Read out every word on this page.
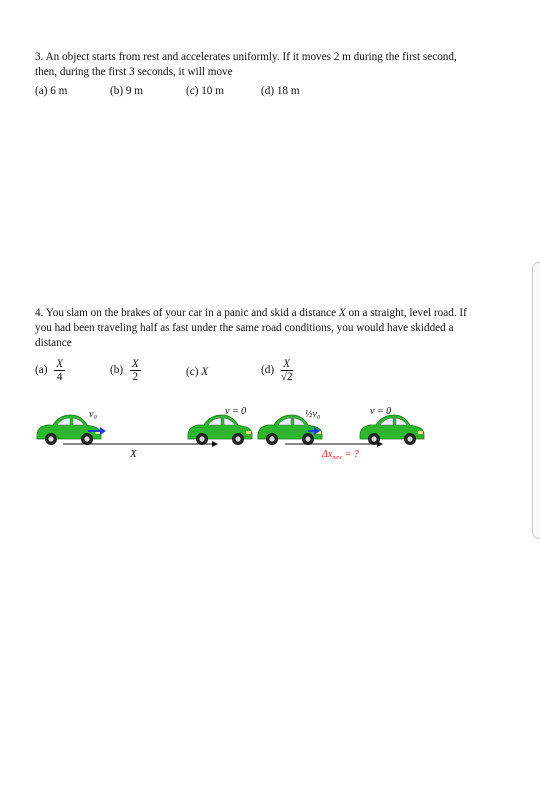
3. An object starts from rest and accelerates uniformly. If it moves 2 m during the first second,

then, during the first 3 seconds, it will move

(a) 6 m	(b) 9 m	(c) 10 m	(d) 18 m

4. You slam on the brakes of your car in a panic and skid a distance X on a straight, level road. If

you had been traveling half as fast under the same road conditions, you would have skidded a

distance

$(a) \frac{X}{4}$	$(b) \frac{X}{2}$	(c) X	$(d) \frac{X}{√2}$
v₀	v = 0
X
½v₀	v = 0
$\Delta x_{new}$ = ?
